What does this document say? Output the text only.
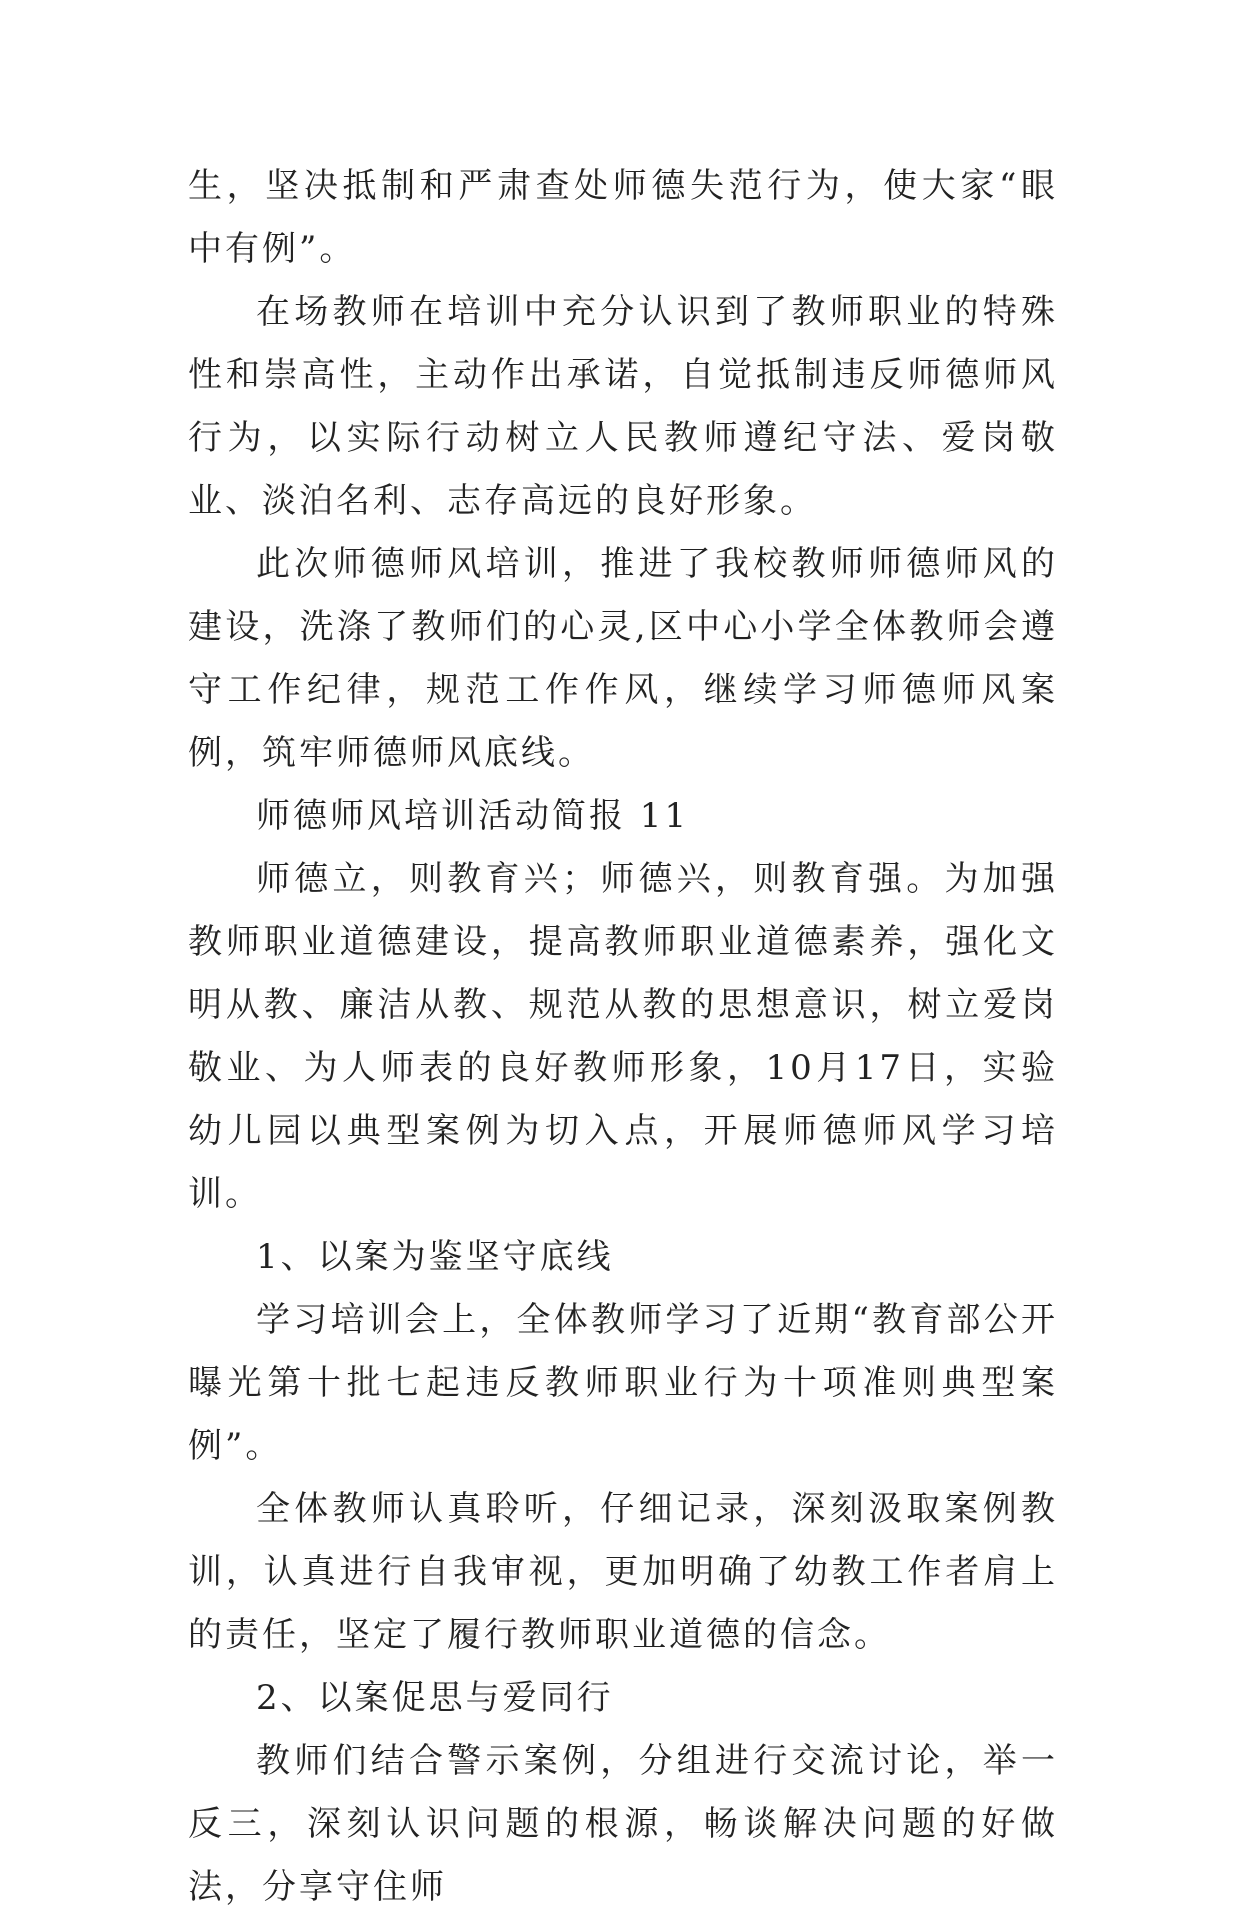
生，坚决抵制和严肃查处师德失范行为，使大家“眼中有例”。

在场教师在培训中充分认识到了教师职业的特殊性和崇高性，主动作出承诺，自觉抵制违反师德师风行为，以实际行动树立人民教师遵纪守法、爱岗敬业、淡泊名利、志存高远的良好形象。

此次师德师风培训，推进了我校教师师德师风的建设，洗涤了教师们的心灵,区中心小学全体教师会遵守工作纪律，规范工作作风，继续学习师德师风案例，筑牢师德师风底线。

师德师风培训活动简报 11

师德立，则教育兴；师德兴，则教育强。为加强教师职业道德建设，提高教师职业道德素养，强化文明从教、廉洁从教、规范从教的思想意识，树立爱岗敬业、为人师表的良好教师形象，10月17日，实验幼儿园以典型案例为切入点，开展师德师风学习培训。

1、以案为鉴坚守底线

学习培训会上，全体教师学习了近期“教育部公开曝光第十批七起违反教师职业行为十项准则典型案例”。

全体教师认真聆听，仔细记录，深刻汲取案例教训，认真进行自我审视，更加明确了幼教工作者肩上的责任，坚定了履行教师职业道德的信念。

2、以案促思与爱同行

教师们结合警示案例，分组进行交流讨论，举一反三，深刻认识问题的根源，畅谈解决问题的好做法，分享守住师
